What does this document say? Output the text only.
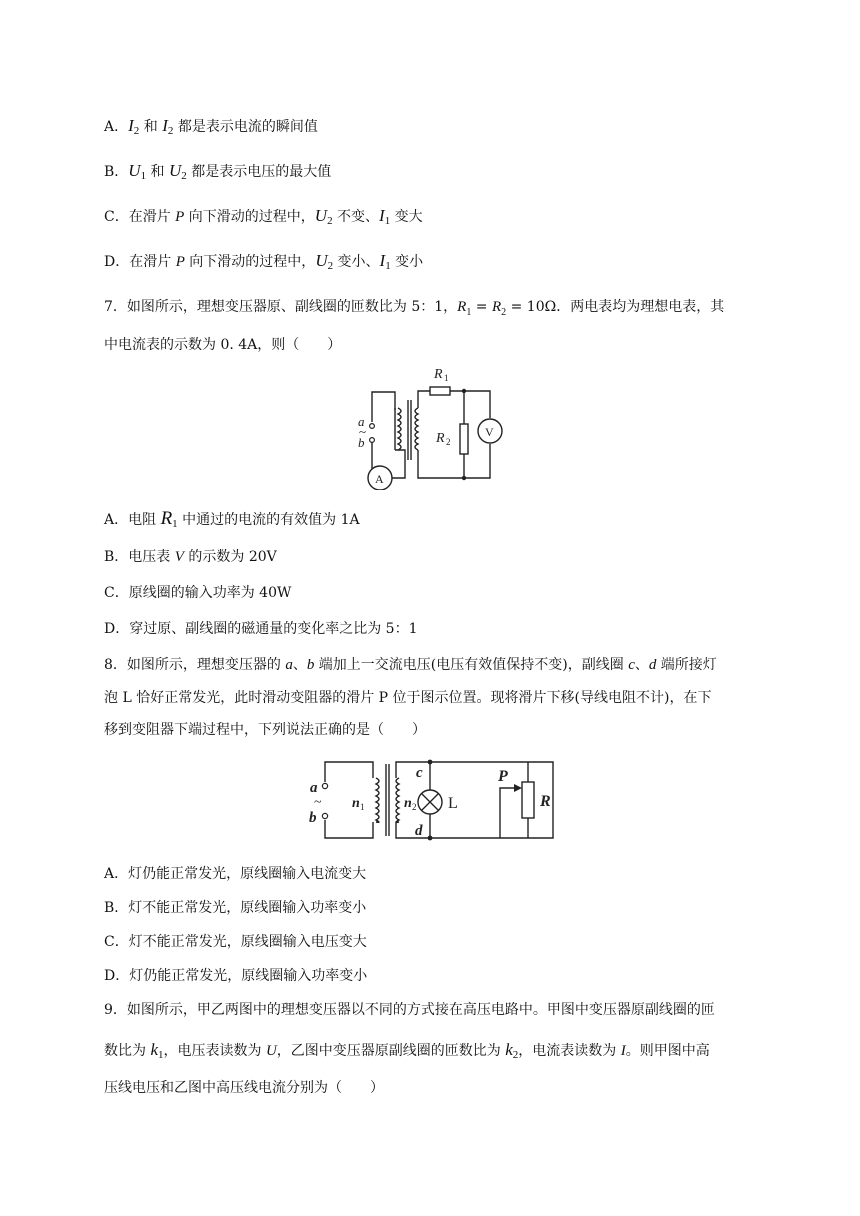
A．$I_2$ 和 $I_2$ 都是表示电流的瞬间值
B．$U_1$ 和 $U_2$ 都是表示电压的最大值
C．在滑片 P 向下滑动的过程中，$U_2$ 不变、$I_1$ 变大
D．在滑片 P 向下滑动的过程中，$U_2$ 变小、$I_1$ 变小
7．如图所示，理想变压器原、副线圈的匝数比为 5：1，$R_1 = R_2 = 10\Omega$．两电表均为理想电表，其
中电流表的示数为 0. 4A，则（　　）
a
~
b
R 1
R 2
A
V
A．电阻 $R_1$ 中通过的电流的有效值为 1A
B．电压表 V 的示数为 20V
C．原线圈的输入功率为 40W
D．穿过原、副线圈的磁通量的变化率之比为 5：1
8．如图所示，理想变压器的 a、b 端加上一交流电压(电压有效值保持不变)，副线圈 c、d 端所接灯
泡 L 恰好正常发光，此时滑动变阻器的滑片 P 位于图示位置。现将滑片下移(导线电阻不计)，在下
移到变阻器下端过程中，下列说法正确的是（　　）
a
~
b
n 1	n 2
c
d
L
P
R
A．灯仍能正常发光，原线圈输入电流变大
B．灯不能正常发光，原线圈输入功率变小
C．灯不能正常发光，原线圈输入电压变大
D．灯仍能正常发光，原线圈输入功率变小
9．如图所示，甲乙两图中的理想变压器以不同的方式接在高压电路中。甲图中变压器原副线圈的匝
数比为 $k_1$，电压表读数为 U，乙图中变压器原副线圈的匝数比为 $k_2$，电流表读数为 I。则甲图中高
压线电压和乙图中高压线电流分别为（　　）
